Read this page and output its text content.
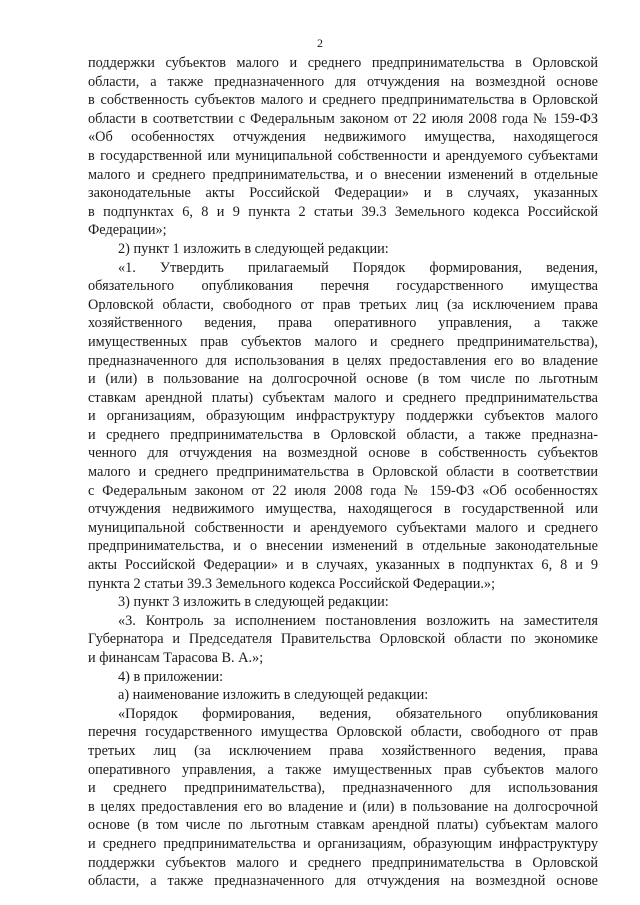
2
поддержки субъектов малого и среднего предпринимательства в Орловской
области, а также предназначенного для отчуждения на возмездной основе
в собственность субъектов малого и среднего предпринимательства в Орловской
области в соответствии с Федеральным законом от 22 июля 2008 года № 159-ФЗ
«Об особенностях отчуждения недвижимого имущества, находящегося
в государственной или муниципальной собственности и арендуемого субъектами
малого и среднего предпринимательства, и о внесении изменений в отдельные
законодательные акты Российской Федерации» и в случаях, указанных
в подпунктах 6, 8 и 9 пункта 2 статьи 39.3 Земельного кодекса Российской
Федерации»;
2) пункт 1 изложить в следующей редакции:
«1. Утвердить прилагаемый Порядок формирования, ведения,
обязательного опубликования перечня государственного имущества
Орловской области, свободного от прав третьих лиц (за исключением права
хозяйственного ведения, права оперативного управления, а также
имущественных прав субъектов малого и среднего предпринимательства),
предназначенного для использования в целях предоставления его во владение
и (или) в пользование на долгосрочной основе (в том числе по льготным
ставкам арендной платы) субъектам малого и среднего предпринимательства
и организациям, образующим инфраструктуру поддержки субъектов малого
и среднего предпринимательства в Орловской области, а также предназна-
ченного для отчуждения на возмездной основе в собственность субъектов
малого и среднего предпринимательства в Орловской области в соответствии
с Федеральным законом от 22 июля 2008 года № 159-ФЗ «Об особенностях
отчуждения недвижимого имущества, находящегося в государственной или
муниципальной собственности и арендуемого субъектами малого и среднего
предпринимательства, и о внесении изменений в отдельные законодательные
акты Российской Федерации» и в случаях, указанных в подпунктах 6, 8 и 9
пункта 2 статьи 39.3 Земельного кодекса Российской Федерации.»;
3) пункт 3 изложить в следующей редакции:
«3. Контроль за исполнением постановления возложить на заместителя
Губернатора и Председателя Правительства Орловской области по экономике
и финансам Тарасова В. А.»;
4) в приложении:
а) наименование изложить в следующей редакции:
«Порядок формирования, ведения, обязательного опубликования
перечня государственного имущества Орловской области, свободного от прав
третьих лиц (за исключением права хозяйственного ведения, права
оперативного управления, а также имущественных прав субъектов малого
и среднего предпринимательства), предназначенного для использования
в целях предоставления его во владение и (или) в пользование на долгосрочной
основе (в том числе по льготным ставкам арендной платы) субъектам малого
и среднего предпринимательства и организациям, образующим инфраструктуру
поддержки субъектов малого и среднего предпринимательства в Орловской
области, а также предназначенного для отчуждения на возмездной основе
